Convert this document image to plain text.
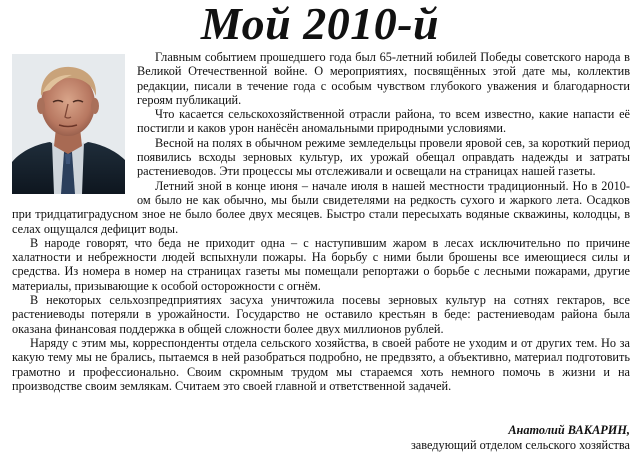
Мой 2010-й

Главным событием прошедшего года был 65-летний юбилей Победы советского народа в Великой Отечественной войне. О мероприятиях, посвящённых этой дате мы, коллектив редакции, писали в течение года с особым чувством глубокого уважения и благодарности героям публикаций.

Что касается сельскохозяйственной отрасли района, то всем известно, какие напасти её постигли и каков урон нанёсён аномальными природными условиями.

Весной на полях в обычном режиме земледельцы провели яровой сев, за короткий период появились всходы зерновых культур, их урожай обещал оправдать надежды и затраты растениеводов. Эти процессы мы отслеживали и освещали на страницах нашей газеты.

Летний зной в конце июня – начале июля в нашей местности традиционный. Но в 2010-ом было не как обычно, мы были свидетелями на редкость сухого и жаркого лета. Осадков при тридцатиградусном зное не было более двух месяцев. Быстро стали пересыхать водяные скважины, колодцы, в селах ощущался дефицит воды.

В народе говорят, что беда не приходит одна – с наступившим жаром в лесах исключительно по причине халатности и небрежности людей вспыхнули пожары. На борьбу с ними были брошены все имеющиеся силы и средства. Из номера в номер на страницах газеты мы помещали репортажи о борьбе с лесными пожарами, другие материалы, призывающие к особой осторожности с огнём.

В некоторых сельхозпредприятиях засуха уничтожила посевы зерновых культур на сотнях гектаров, все растениеводы потеряли в урожайности. Государство не оставило крестьян в беде: растениеводам района была оказана финансовая поддержка в общей сложности более двух миллионов рублей.

Наряду с этим мы, корреспонденты отдела сельского хозяйства, в своей работе не уходим и от других тем. Но за какую тему мы не брались, пытаемся в ней разобраться подробно, не предвзято, а объективно, материал подготовить грамотно и профессионально. Своим скромным трудом мы стараемся хоть немного помочь в жизни и на производстве своим землякам. Считаем это своей главной и ответственной задачей.

Анатолий ВАКАРИН,
заведующий отделом сельского хозяйства
